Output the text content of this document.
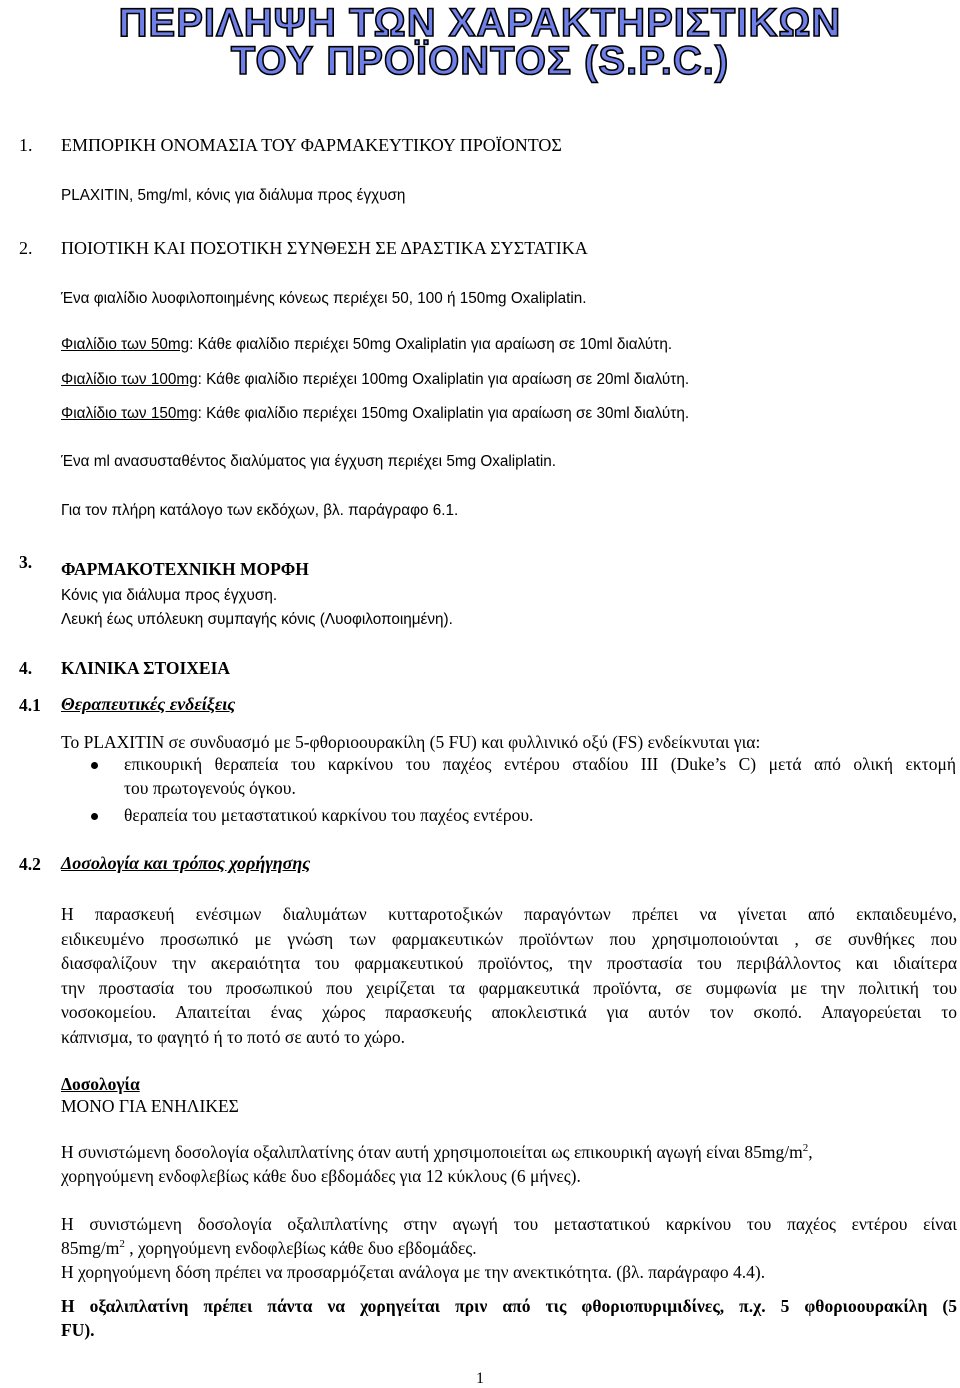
ΠΕΡΙΛΗΨΗ ΤΩΝ ΧΑΡΑΚΤΗΡΙΣΤΙΚΩΝ
ΤΟΥ ΠΡΟΪΟΝΤΟΣ (S.P.C.)
1. ΕΜΠΟΡΙΚΗ ΟΝΟΜΑΣΙΑ ΤΟΥ ΦΑΡΜΑΚΕΥΤΙΚΟΥ ΠΡΟΪΟΝΤΟΣ
PLAXITIN, 5mg/ml, κόνις για διάλυμα προς έγχυση
2. ΠΟΙΟΤΙΚΗ ΚΑΙ ΠΟΣΟΤΙΚΗ ΣΥΝΘΕΣΗ ΣΕ ΔΡΑΣΤΙΚΑ ΣΥΣΤΑΤΙΚΑ
Ένα φιαλίδιο λυοφιλοποιημένης κόνεως περιέχει 50, 100 ή 150mg Oxaliplatin.
Φιαλίδιο των 50mg: Κάθε φιαλίδιο περιέχει 50mg Oxaliplatin για αραίωση σε 10ml διαλύτη.
Φιαλίδιο των 100mg: Κάθε φιαλίδιο περιέχει 100mg Oxaliplatin για αραίωση σε 20ml διαλύτη.
Φιαλίδιο των 150mg: Κάθε φιαλίδιο περιέχει 150mg Oxaliplatin για αραίωση σε 30ml διαλύτη.
Ένα ml ανασυσταθέντος διαλύματος για έγχυση περιέχει 5mg Oxaliplatin.
Για τον πλήρη κατάλογο των εκδόχων, βλ. παράγραφο 6.1.
3. ΦΑΡΜΑΚΟΤΕΧΝΙΚΗ ΜΟΡΦΗ
Κόνις για διάλυμα προς έγχυση.
Λευκή έως υπόλευκη συμπαγής κόνις (Λυοφιλοποιημένη).
4. ΚΛΙΝΙΚΑ ΣΤΟΙΧΕΙΑ
4.1 Θεραπευτικές ενδείξεις
Το PLAXITIN σε συνδυασμό με 5-φθοριοουρακίλη (5 FU) και φυλλινικό οξύ (FS) ενδείκνυται για:
επικουρική θεραπεία του καρκίνου του παχέος εντέρου σταδίου III (Duke’s C) μετά από ολική εκτομή
του πρωτογενούς όγκου.
θεραπεία του μεταστατικού καρκίνου του παχέος εντέρου.
4.2 Δοσολογία και τρόπος χορήγησης
Η παρασκευή ενέσιμων διαλυμάτων κυτταροτοξικών παραγόντων πρέπει να γίνεται από εκπαιδευμένο,
ειδικευμένο προσωπικό με γνώση των φαρμακευτικών προϊόντων που χρησιμοποιούνται , σε συνθήκες που
διασφαλίζουν την ακεραιότητα του φαρμακευτικού προϊόντος, την προστασία του περιβάλλοντος και ιδιαίτερα
την προστασία του προσωπικού που χειρίζεται τα φαρμακευτικά προϊόντα, σε συμφωνία με την πολιτική του
νοσοκομείου. Απαιτείται ένας χώρος παρασκευής αποκλειστικά για αυτόν τον σκοπό. Απαγορεύεται το
κάπνισμα, το φαγητό ή το ποτό σε αυτό το χώρο.
Δοσολογία
ΜΟΝΟ ΓΙΑ ΕΝΗΛΙΚΕΣ
Η συνιστώμενη δοσολογία οξαλιπλατίνης όταν αυτή χρησιμοποιείται ως επικουρική αγωγή είναι $85mg/m^2$,
χορηγούμενη ενδοφλεβίως κάθε δυο εβδομάδες για 12 κύκλους (6 μήνες).
Η συνιστώμενη δοσολογία οξαλιπλατίνης στην αγωγή του μεταστατικού καρκίνου του παχέος εντέρου είναι
$85mg/m^2$ , χορηγούμενη ενδοφλεβίως κάθε δυο εβδομάδες.
Η χορηγούμενη δόση πρέπει να προσαρμόζεται ανάλογα με την ανεκτικότητα. (βλ. παράγραφο 4.4).
Η οξαλιπλατίνη πρέπει πάντα να χορηγείται πριν από τις φθοριοπυριμιδίνες, π.χ. 5 φθοριοουρακίλη (5
FU).
1
